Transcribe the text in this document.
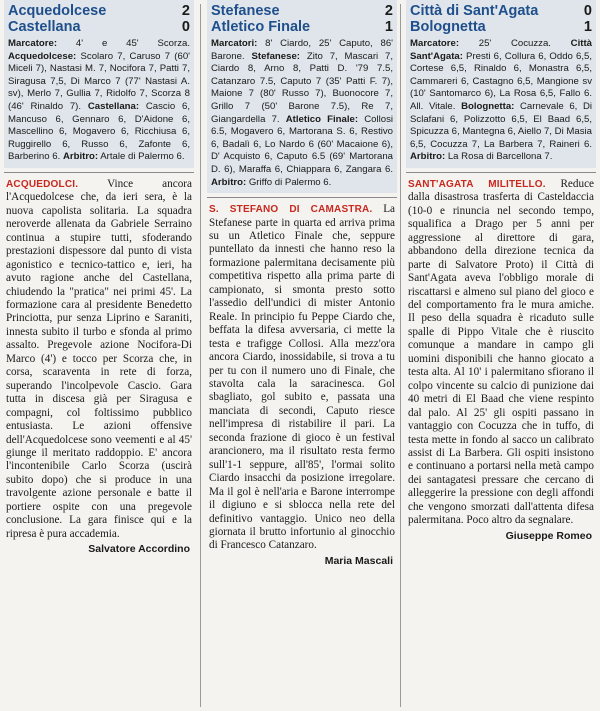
Acquedolcese	2
Castellana	0
Marcatore: 4' e 45' Scorza. Acquedolcese: Scolaro 7, Caruso 7 (60' Miceli 7), Nastasi M. 7, Nocifora 7, Patti 7, Siragusa 7,5, Di Marco 7 (77' Nastasi A. sv), Merlo 7, Gullia 7, Ridolfo 7, Scorza 8 (46' Rinaldo 7). Castellana: Cascio 6, Mancuso 6, Gennaro 6, D'Aidone 6, Mascellino 6, Mogavero 6, Ricchiusa 6, Ruggirello 6, Russo 6, Zafonte 6, Barberino 6. Arbitro: Artale di Palermo 6.
ACQUEDOLCI.	Vince ancora l'Acquedolcese che, da ieri sera, è la nuova capolista solitaria. La squadra neroverde allenata da Gabriele Serraino continua a stupire tutti, sfoderando prestazioni dispessore dal punto di vista agonistico e tecnico-tattico e, ieri, ha avuto ragione anche del Castellana, chiudendo la "pratica" nei primi 45'. La formazione cara al presidente Benedetto Princiotta, pur senza Liprino e Saraniti, innesta subito il turbo e sfonda al primo assalto. Pregevole azione Nocifora-Di Marco (4') e tocco per Scorza che, in corsa, scaraventa in rete di forza, superando l'incolpevole Cascio. Gara tutta in discesa già per Siragusa e compagni, col foltissimo pubblico entusiasta. Le azioni offensive dell'Acquedolcese sono veementi e al 45' giunge il meritato raddoppio. E' ancora l'incontenibile Carlo Scorza (uscirà subito dopo) che si produce in una travolgente azione personale e batte il portiere ospite con una pregevole conclusione. La gara finisce qui e la ripresa è pura accademia.
Salvatore Accordino
Stefanese	2
Atletico Finale	1
Marcatori: 8' Ciardo, 25' Caputo, 86' Barone. Stefanese: Zito 7, Mascari 7, Ciardo 8, Arno 8, Patti D. '79 7.5, Catanzaro 7.5, Caputo 7 (35' Patti F. 7), Maione 7 (80' Russo 7), Buonocore 7, Grillo 7 (50' Barone 7.5), Re 7, Giangardella 7. Atletico Finale: Collosi 6.5, Mogavero 6, Martorana S. 6, Restivo 6, Badalì 6, Lo Nardo 6 (60' Macaione 6), D' Acquisto 6, Caputo 6.5 (69' Martorana D. 6), Maraffa 6, Chiappara 6, Zangara 6. Arbitro: Griffo di Palermo 6.
S. STEFANO DI CAMASTRA. La Stefanese parte in quarta ed arriva prima su un Atletico Finale che, seppure puntellato da innesti che hanno reso la formazione palermitana decisamente più competitiva rispetto alla prima parte di campionato, si smonta presto sotto l'assedio dell'undici di mister Antonio Reale. In principio fu Peppe Ciardo che, beffata la difesa avversaria, ci mette la testa e trafigge Collosi. Alla mezz'ora ancora Ciardo, inossidabile, si trova a tu per tu con il numero uno di Finale, che stavolta cala la saracinesca. Gol sbagliato, gol subito e, passata una manciata di secondi, Caputo riesce nell'impresa di ristabilire il pari. La seconda frazione di gioco è un festival arancionero, ma il risultato resta fermo sull'1-1 seppure, all'85', l'ormai solito Ciardo insacchi da posizione irregolare. Ma il gol è nell'aria e Barone interrompe il digiuno e si sblocca nella rete del definitivo vantaggio. Unico neo della giornata il brutto infortunio al ginocchio di Francesco Catanzaro.
Maria Mascali
Città di Sant'Agata	0
Bolognetta	1
Marcatore: 25' Cocuzza. Città Sant'Agata: Presti 6, Collura 6, Oddo 6,5, Cortese 6,5, Rinaldo 6, Monastra 6,5, Cammareri 6, Castagno 6,5, Mangione sv (10' Santomarco 6), La Rosa 6,5, Fallo 6. All. Vitale. Bolognetta: Carnevale 6, Di Sclafani 6, Polizzotto 6,5, El Baad 6,5, Spicuzza 6, Mantegna 6, Aiello 7, Di Masia 6,5, Cocuzza 7, La Barbera 7, Raineri 6. Arbitro: La Rosa di Barcellona 7.
SANT'AGATA MILITELLO. Reduce dalla disastrosa trasferta di Casteldaccia (10-0 e rinuncia nel secondo tempo, squalifica a Drago per 5 anni per aggressione al direttore di gara, abbandono della direzione tecnica da parte di Salvatore Proto) il Città di Sant'Agata aveva l'obbligo morale di riscattarsi e almeno sul piano del gioco e del comportamento fra le mura amiche. Il peso della squadra è ricaduto sulle spalle di Pippo Vitale che è riuscito comunque a mandare in campo gli uomini disponibili che hanno giocato a testa alta. Al 10' i palermitano sfiorano il colpo vincente su calcio di punizione dai 40 metri di El Baad che viene respinto dal palo. Al 25' gli ospiti passano in vantaggio con Cocuzza che in tuffo, di testa mette in fondo al sacco un calibrato assist di La Barbera. Gli ospiti insistono e continuano a portarsi nella metà campo dei santagatesi pressare che cercano di alleggerire la pressione con degli affondi che vengono smorzati dall'attenta difesa palermitana. Poco altro da segnalare.
Giuseppe Romeo
